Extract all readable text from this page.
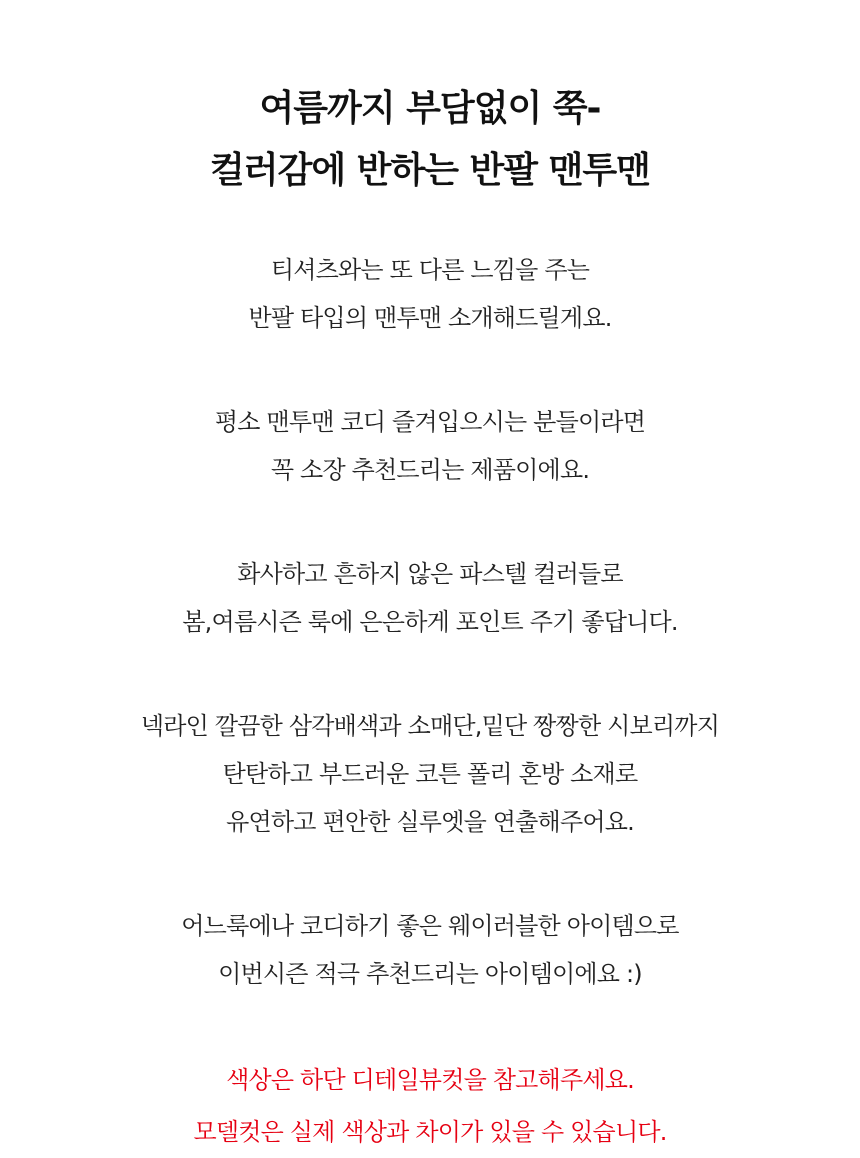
여름까지 부담없이 쭉-
컬러감에 반하는 반팔 맨투맨

티셔츠와는 또 다른 느낌을 주는
반팔 타입의 맨투맨 소개해드릴게요.

평소 맨투맨 코디 즐겨입으시는 분들이라면
꼭 소장 추천드리는 제품이에요.

화사하고 흔하지 않은 파스텔 컬러들로
봄,여름시즌 룩에 은은하게 포인트 주기 좋답니다.

넥라인 깔끔한 삼각배색과 소매단,밑단 짱짱한 시보리까지
탄탄하고 부드러운 코튼 폴리 혼방 소재로
유연하고 편안한 실루엣을 연출해주어요.

어느룩에나 코디하기 좋은 웨이러블한 아이템으로
이번시즌 적극 추천드리는 아이템이에요 :)

색상은 하단 디테일뷰컷을 참고해주세요.
모델컷은 실제 색상과 차이가 있을 수 있습니다.
